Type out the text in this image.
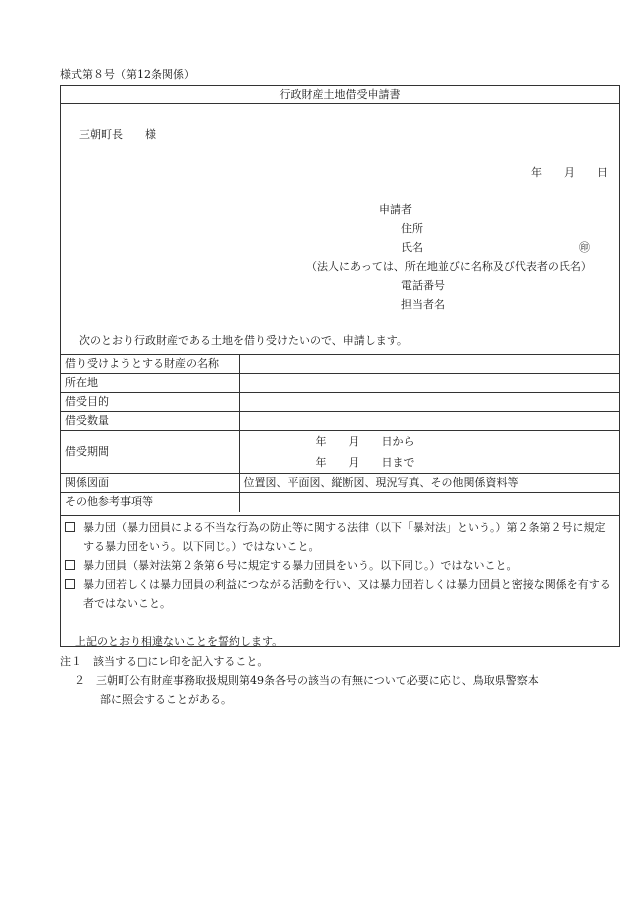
様式第８号（第12条関係）
行政財産土地借受申請書
三朝町長　　様
年 月 日
申請者
住所
氏名	㊞
（法人にあっては、所在地並びに名称及び代表者の氏名）
電話番号
担当者名
次のとおり行政財産である土地を借り受けたいので、申請します。
借り受けようとする財産の名称	
所在地	
借受目的	
借受数量	
借受期間	年　　月　　日から
年　　月　　日まで

関係図面	位置図、平面図、縦断図、現況写真、その他関係資料等
その他参考事項等	
暴力団（暴力団員による不当な行為の防止等に関する法律（以下「暴対法」という。）第２条第２号に規定する暴力団をいう。以下同じ。）ではないこと。
暴力団員（暴対法第２条第６号に規定する暴力団員をいう。以下同じ。）ではないこと。
暴力団若しくは暴力団員の利益につながる活動を行い、又は暴力団若しくは暴力団員と密接な関係を有する者ではないこと。
上記のとおり相違ないことを誓約します。
注１　該当する□にレ印を記入すること。
２　三朝町公有財産事務取扱規則第49条各号の該当の有無について必要に応じ、鳥取県警察本
部に照会することがある。
